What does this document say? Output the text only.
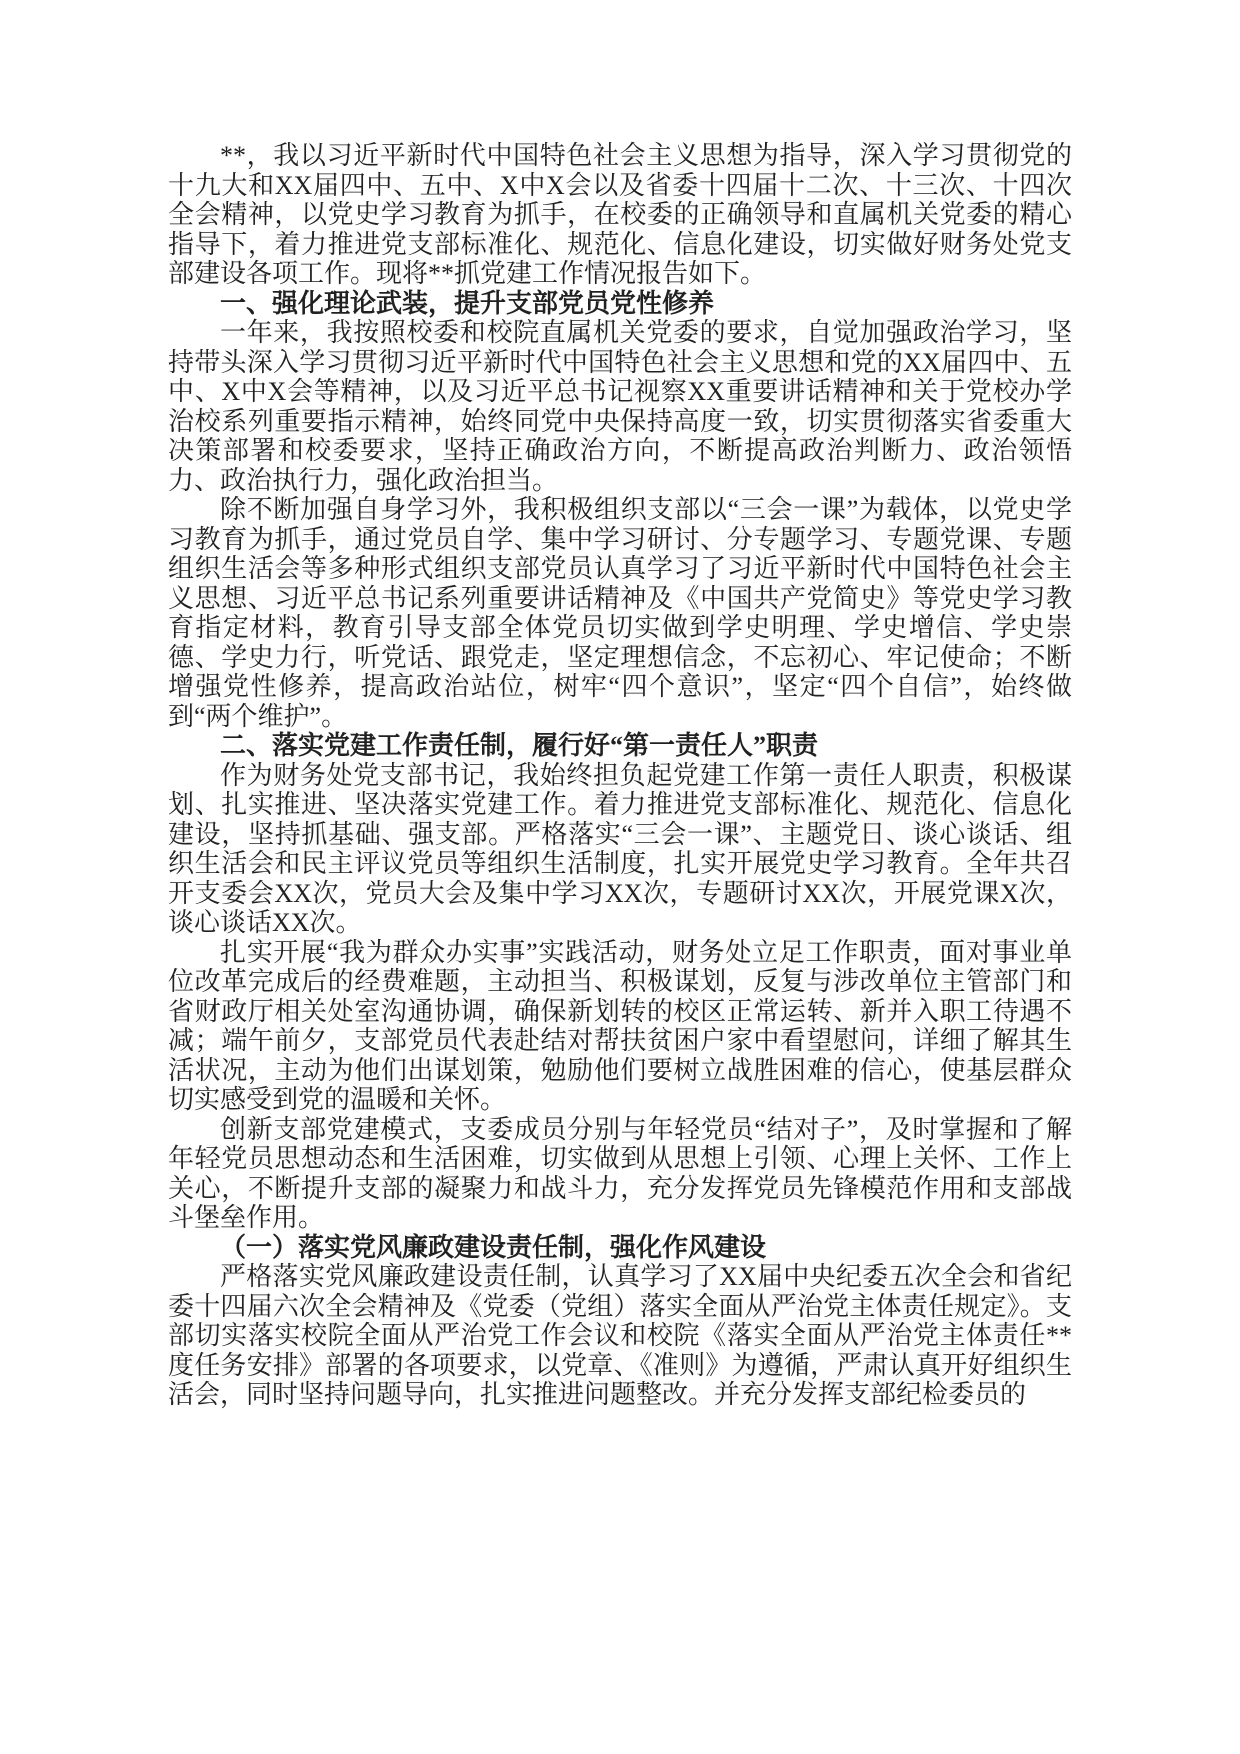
**，我以习近平新时代中国特色社会主义思想为指导，深入学习贯彻党的十九大和XX届四中、五中、X中X会以及省委十四届十二次、十三次、十四次全会精神，以党史学习教育为抓手，在校委的正确领导和直属机关党委的精心指导下，着力推进党支部标准化、规范化、信息化建设，切实做好财务处党支部建设各项工作。现将**抓党建工作情况报告如下。

一、强化理论武装，提升支部党员党性修养

一年来，我按照校委和校院直属机关党委的要求，自觉加强政治学习，坚持带头深入学习贯彻习近平新时代中国特色社会主义思想和党的XX届四中、五中、X中X会等精神，以及习近平总书记视察XX重要讲话精神和关于党校办学治校系列重要指示精神，始终同党中央保持高度一致，切实贯彻落实省委重大决策部署和校委要求，坚持正确政治方向，不断提高政治判断力、政治领悟力、政治执行力，强化政治担当。

除不断加强自身学习外，我积极组织支部以“三会一课”为载体，以党史学习教育为抓手，通过党员自学、集中学习研讨、分专题学习、专题党课、专题组织生活会等多种形式组织支部党员认真学习了习近平新时代中国特色社会主义思想、习近平总书记系列重要讲话精神及《中国共产党简史》等党史学习教育指定材料，教育引导支部全体党员切实做到学史明理、学史增信、学史崇德、学史力行，听党话、跟党走，坚定理想信念，不忘初心、牢记使命；不断增强党性修养，提高政治站位，树牢“四个意识”，坚定“四个自信”，始终做到“两个维护”。

二、落实党建工作责任制，履行好“第一责任人”职责

作为财务处党支部书记，我始终担负起党建工作第一责任人职责，积极谋划、扎实推进、坚决落实党建工作。着力推进党支部标准化、规范化、信息化建设，坚持抓基础、强支部。严格落实“三会一课”、主题党日、谈心谈话、组织生活会和民主评议党员等组织生活制度，扎实开展党史学习教育。全年共召开支委会XX次，党员大会及集中学习XX次，专题研讨XX次，开展党课X次，谈心谈话XX次。

扎实开展“我为群众办实事”实践活动，财务处立足工作职责，面对事业单位改革完成后的经费难题，主动担当、积极谋划，反复与涉改单位主管部门和省财政厅相关处室沟通协调，确保新划转的校区正常运转、新并入职工待遇不减；端午前夕，支部党员代表赴结对帮扶贫困户家中看望慰问，详细了解其生活状况，主动为他们出谋划策，勉励他们要树立战胜困难的信心，使基层群众切实感受到党的温暖和关怀。

创新支部党建模式，支委成员分别与年轻党员“结对子”，及时掌握和了解年轻党员思想动态和生活困难，切实做到从思想上引领、心理上关怀、工作上关心，不断提升支部的凝聚力和战斗力，充分发挥党员先锋模范作用和支部战斗堡垒作用。

（一）落实党风廉政建设责任制，强化作风建设

严格落实党风廉政建设责任制，认真学习了XX届中央纪委五次全会和省纪委十四届六次全会精神及《党委（党组）落实全面从严治党主体责任规定》。支部切实落实校院全面从严治党工作会议和校院《落实全面从严治党主体责任**度任务安排》部署的各项要求，以党章、《准则》为遵循，严肃认真开好组织生活会，同时坚持问题导向，扎实推进问题整改。并充分发挥支部纪检委员的
